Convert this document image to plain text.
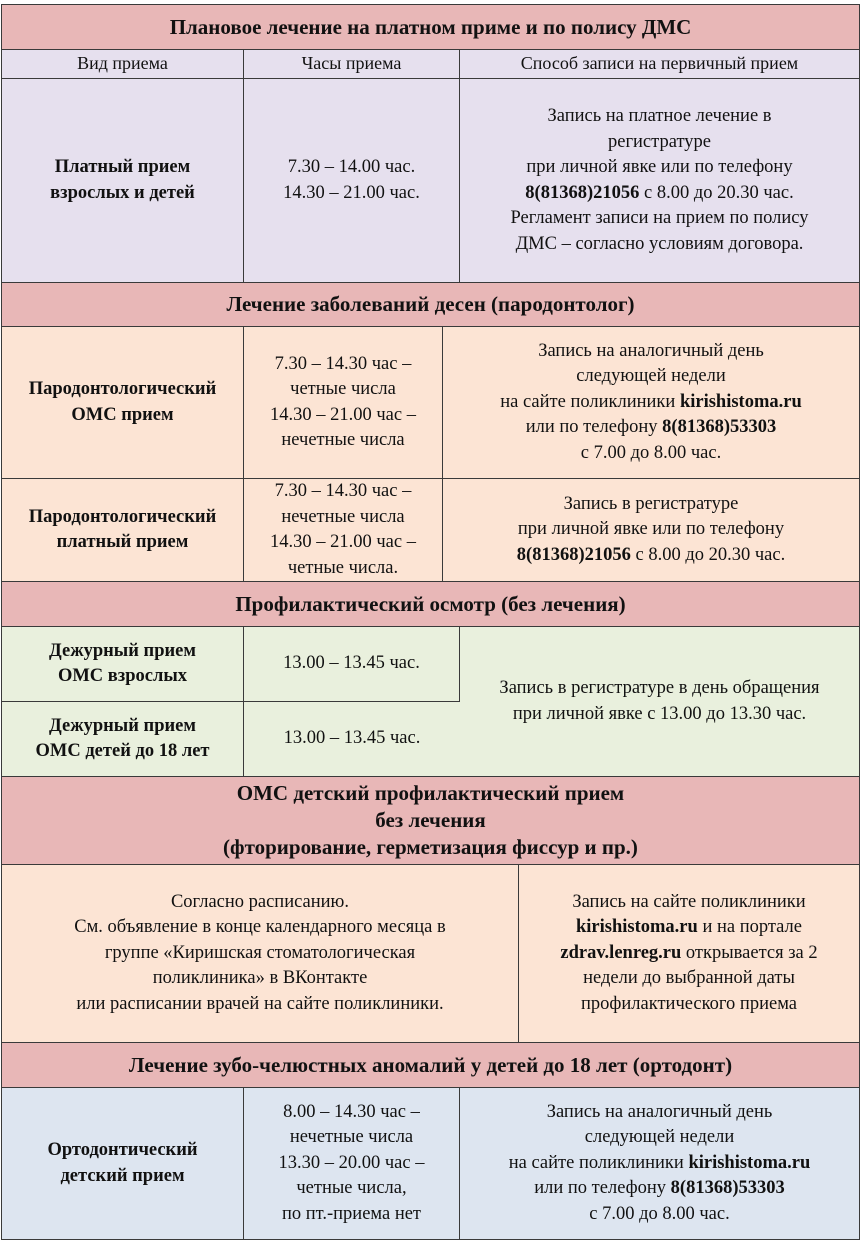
Плановое лечение на платном приме и по полису ДМС
Вид приема	Часы приема	Способ записи на первичный прием
Платный прием
взрослых и детей
7.30 – 14.00 час.
14.30 – 21.00 час.
Запись на платное лечение в
регистратуре
при личной явке или по телефону
8(81368)21056 с 8.00 до 20.30 час.
Регламент записи на прием по полису
ДМС – согласно условиям договора.
Лечение заболеваний десен (пародонтолог)
Пародонтологический
ОМС прием
7.30 – 14.30 час –
четные числа
14.30 – 21.00 час –
нечетные числа
Запись на аналогичный день
следующей недели
на сайте поликлиники kirishistoma.ru
или по телефону 8(81368)53303
с 7.00 до 8.00 час.
Пародонтологический
платный прием
7.30 – 14.30 час –
нечетные числа
14.30 – 21.00 час –
четные числа.
Запись в регистратуре
при личной явке или по телефону
8(81368)21056 с 8.00 до 20.30 час.
Профилактический осмотр (без лечения)
Дежурный прием
ОМС взрослых
13.00 – 13.45 час.
Запись в регистратуре в день обращения
при личной явке с 13.00 до 13.30 час.
Дежурный прием
ОМС детей до 18 лет
13.00 – 13.45 час.
ОМС детский профилактический прием
без лечения
(фторирование, герметизация фиссур и пр.)
Согласно расписанию.
См. объявление в конце календарного месяца в
группе «Киришская стоматологическая
поликлиника» в ВКонтакте
или расписании врачей на сайте поликлиники.
Запись на сайте поликлиники
kirishistoma.ru и на портале
zdrav.lenreg.ru открывается за 2
недели до выбранной даты
профилактического приема
Лечение зубо-челюстных аномалий у детей до 18 лет (ортодонт)
Ортодонтический
детский прием
8.00 – 14.30 час –
нечетные числа
13.30 – 20.00 час –
четные числа,
по пт.-приема нет
Запись на аналогичный день
следующей недели
на сайте поликлиники kirishistoma.ru
или по телефону 8(81368)53303
с 7.00 до 8.00 час.
